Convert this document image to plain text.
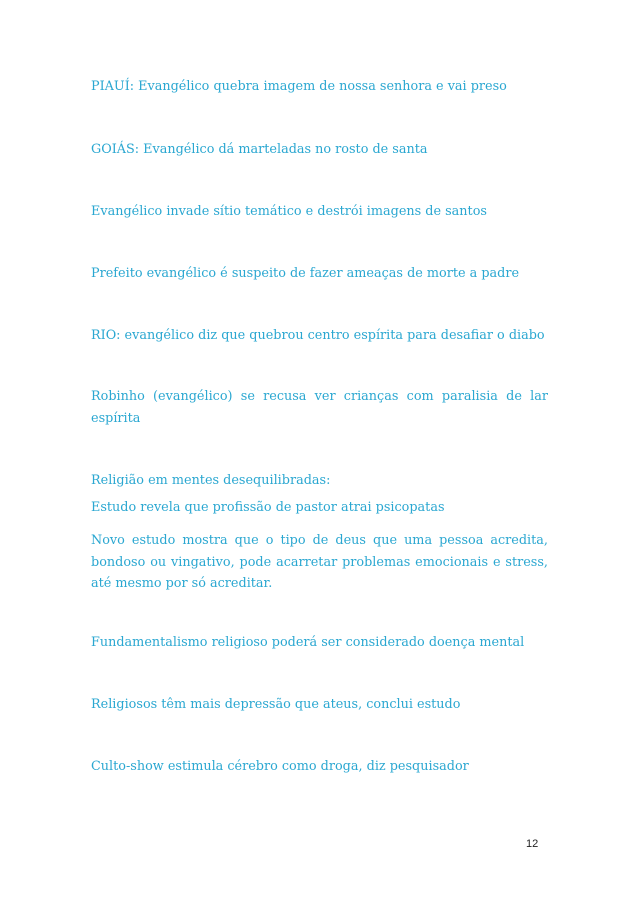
PIAUÍ: Evangélico quebra imagem de nossa senhora e vai preso

GOIÁS: Evangélico dá marteladas no rosto de santa

Evangélico invade sítio temático e destrói imagens de santos

Prefeito evangélico é suspeito de fazer ameaças de morte a padre

RIO: evangélico diz que quebrou centro espírita para desafiar o diabo

Robinho (evangélico) se recusa ver crianças com paralisia de lar espírita

Religião em mentes desequilibradas:

Estudo revela que profissão de pastor atrai psicopatas

Novo estudo mostra que o tipo de deus que uma pessoa acredita, bondoso ou vingativo, pode acarretar problemas emocionais e stress, até mesmo por só acreditar.

Fundamentalismo religioso poderá ser considerado doença mental

Religiosos têm mais depressão que ateus, conclui estudo

Culto-show estimula cérebro como droga, diz pesquisador

12
